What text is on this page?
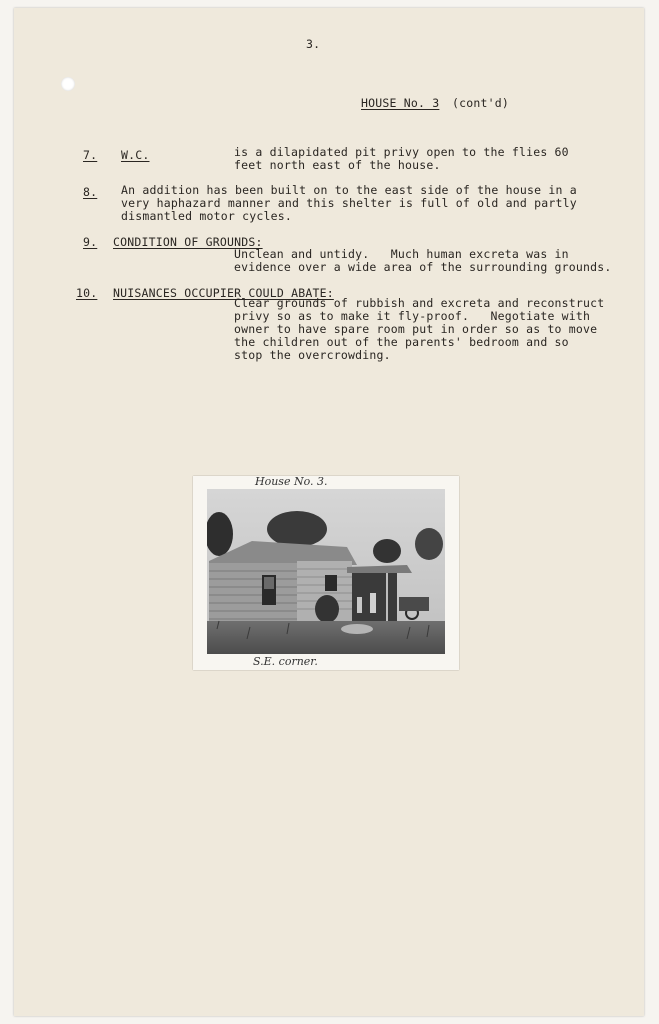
3.
HOUSE No. 3 (cont'd)
7. W.C.	is a dilapidated pit privy open to the flies 60
feet north east of the house.
8. An addition has been built on to the east side of the house in a
very haphazard manner and this shelter is full of old and partly
dismantled motor cycles.
9. CONDITION OF GROUNDS:
Unclean and untidy.   Much human excreta was in
evidence over a wide area of the surrounding grounds.
10. NUISANCES OCCUPIER COULD ABATE:
Clear grounds of rubbish and excreta and reconstruct
privy so as to make it fly-proof.   Negotiate with
owner to have spare room put in order so as to move
the children out of the parents' bedroom and so
stop the overcrowding.
House No. 3.
S.E. corner.
